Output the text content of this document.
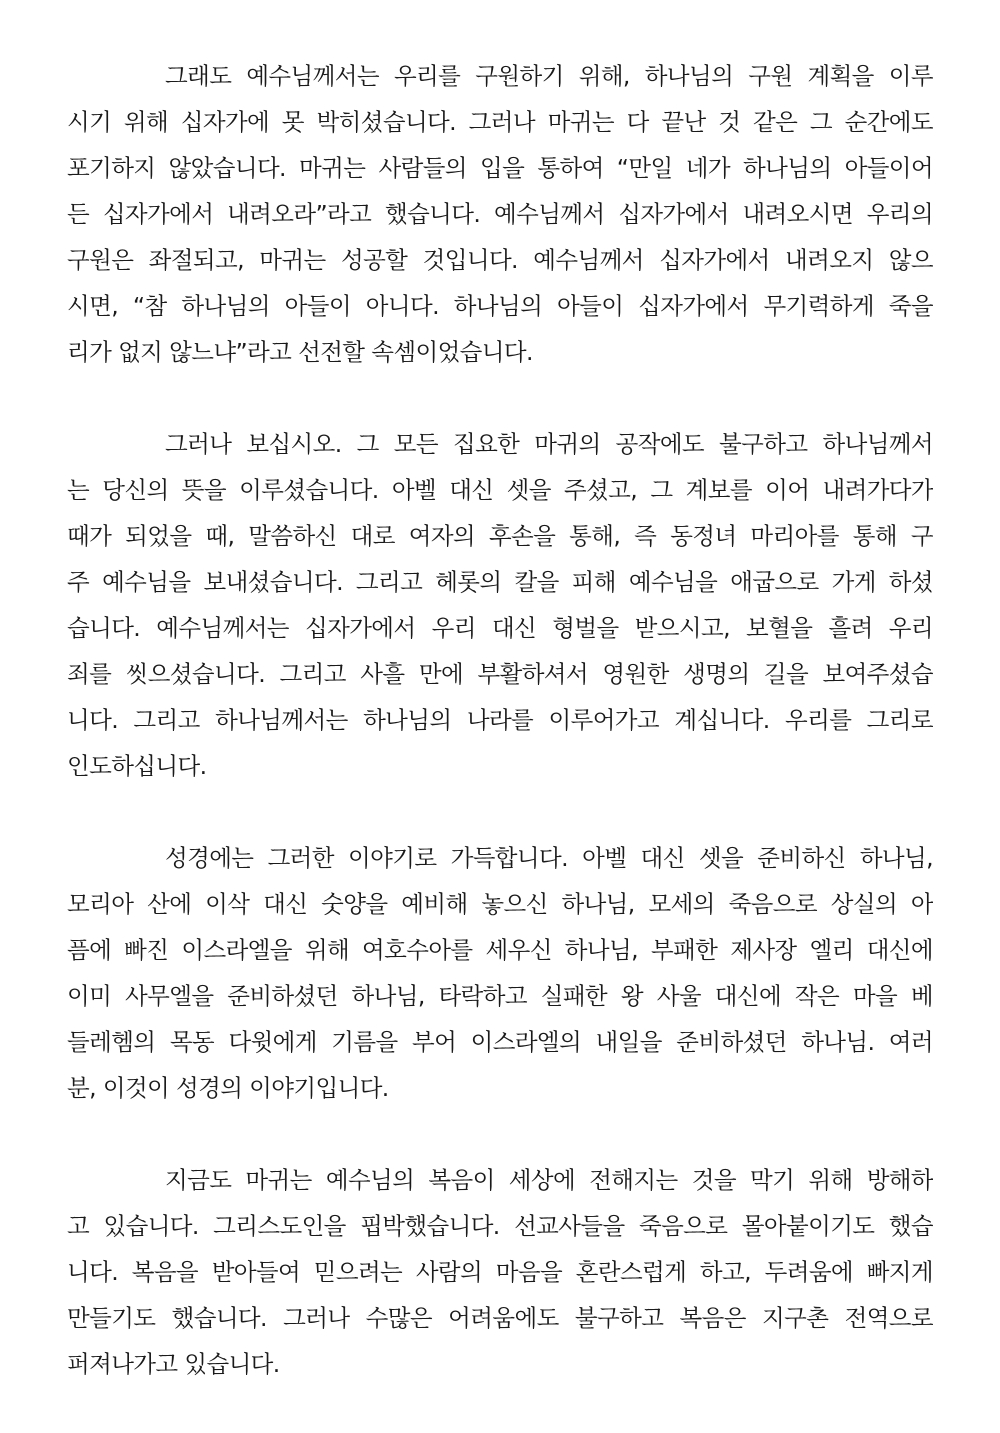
그래도 예수님께서는 우리를 구원하기 위해, 하나님의 구원 계획을 이루
시기 위해 십자가에 못 박히셨습니다. 그러나 마귀는 다 끝난 것 같은 그 순간에도
포기하지 않았습니다. 마귀는 사람들의 입을 통하여 “만일 네가 하나님의 아들이어
든 십자가에서 내려오라”라고 했습니다. 예수님께서 십자가에서 내려오시면 우리의
구원은 좌절되고, 마귀는 성공할 것입니다. 예수님께서 십자가에서 내려오지 않으
시면, “참 하나님의 아들이 아니다. 하나님의 아들이 십자가에서 무기력하게 죽을
리가 없지 않느냐”라고 선전할 속셈이었습니다.
그러나 보십시오. 그 모든 집요한 마귀의 공작에도 불구하고 하나님께서
는 당신의 뜻을 이루셨습니다. 아벨 대신 셋을 주셨고, 그 계보를 이어 내려가다가
때가 되었을 때, 말씀하신 대로 여자의 후손을 통해, 즉 동정녀 마리아를 통해 구
주 예수님을 보내셨습니다. 그리고 헤롯의 칼을 피해 예수님을 애굽으로 가게 하셨
습니다. 예수님께서는 십자가에서 우리 대신 형벌을 받으시고, 보혈을 흘려 우리
죄를 씻으셨습니다. 그리고 사흘 만에 부활하셔서 영원한 생명의 길을 보여주셨습
니다. 그리고 하나님께서는 하나님의 나라를 이루어가고 계십니다. 우리를 그리로
인도하십니다.
성경에는 그러한 이야기로 가득합니다. 아벨 대신 셋을 준비하신 하나님,
모리아 산에 이삭 대신 숫양을 예비해 놓으신 하나님, 모세의 죽음으로 상실의 아
픔에 빠진 이스라엘을 위해 여호수아를 세우신 하나님, 부패한 제사장 엘리 대신에
이미 사무엘을 준비하셨던 하나님, 타락하고 실패한 왕 사울 대신에 작은 마을 베
들레헴의 목동 다윗에게 기름을 부어 이스라엘의 내일을 준비하셨던 하나님. 여러
분, 이것이 성경의 이야기입니다.
지금도 마귀는 예수님의 복음이 세상에 전해지는 것을 막기 위해 방해하
고 있습니다. 그리스도인을 핍박했습니다. 선교사들을 죽음으로 몰아붙이기도 했습
니다. 복음을 받아들여 믿으려는 사람의 마음을 혼란스럽게 하고, 두려움에 빠지게
만들기도 했습니다. 그러나 수많은 어려움에도 불구하고 복음은 지구촌 전역으로
퍼져나가고 있습니다.
